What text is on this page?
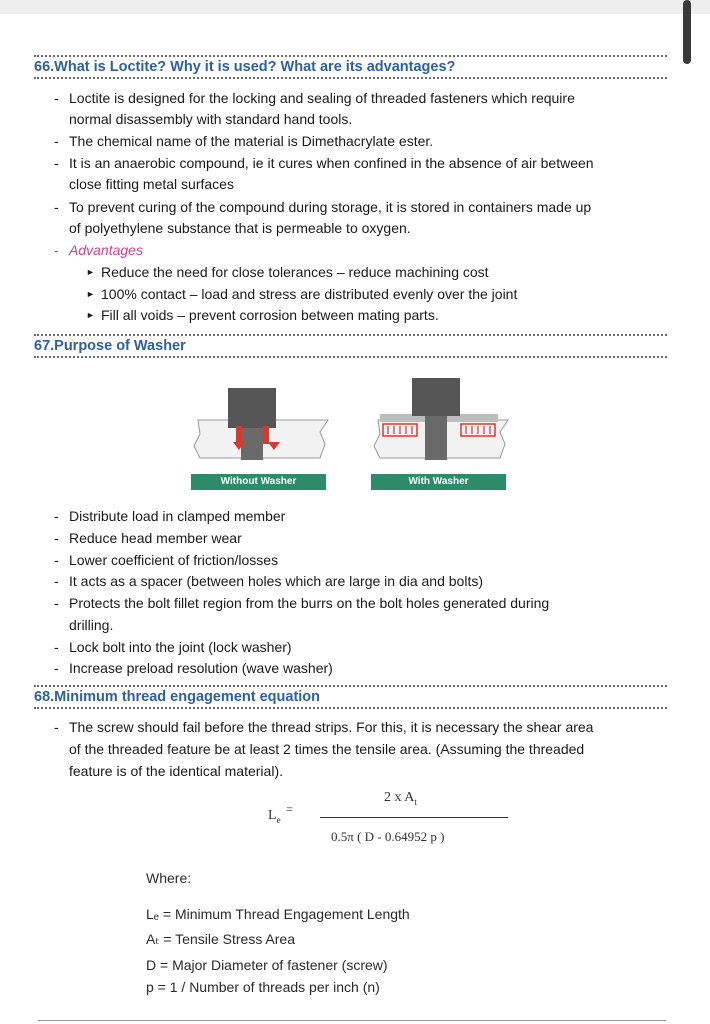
66.What is Loctite? Why it is used? What are its advantages?
- Loctite is designed for the locking and sealing of threaded fasteners which require
normal disassembly with standard hand tools.
- The chemical name of the material is Dimethacrylate ester.
- It is an anaerobic compound, ie it cures when confined in the absence of air between
close fitting metal surfaces
- To prevent curing of the compound during storage, it is stored in containers made up
of polyethylene substance that is permeable to oxygen.
- Advantages
► Reduce the need for close tolerances – reduce machining cost
► 100% contact – load and stress are distributed evenly over the joint
► Fill all voids – prevent corrosion between mating parts.
67.Purpose of Washer
Without Washer	With Washer
- Distribute load in clamped member
- Reduce head member wear
- Lower coefficient of friction/losses
- It acts as a spacer (between holes which are large in dia and bolts)
- Protects the bolt fillet region from the burrs on the bolt holes generated during
drilling.
- Lock bolt into the joint (lock washer)
- Increase preload resolution (wave washer)
68.Minimum thread engagement equation
- The screw should fail before the thread strips. For this, it is necessary the shear area
of the threaded feature be at least 2 times the tensile area. (Assuming the threaded
feature is of the identical material).
$L_e$ =
2 x $A_t$
0.5π ( D - 0.64952 p )
Where:
Lₑ = Minimum Thread Engagement Length
Aₜ = Tensile Stress Area
D = Major Diameter of fastener (screw)
p = 1 / Number of threads per inch (n)
